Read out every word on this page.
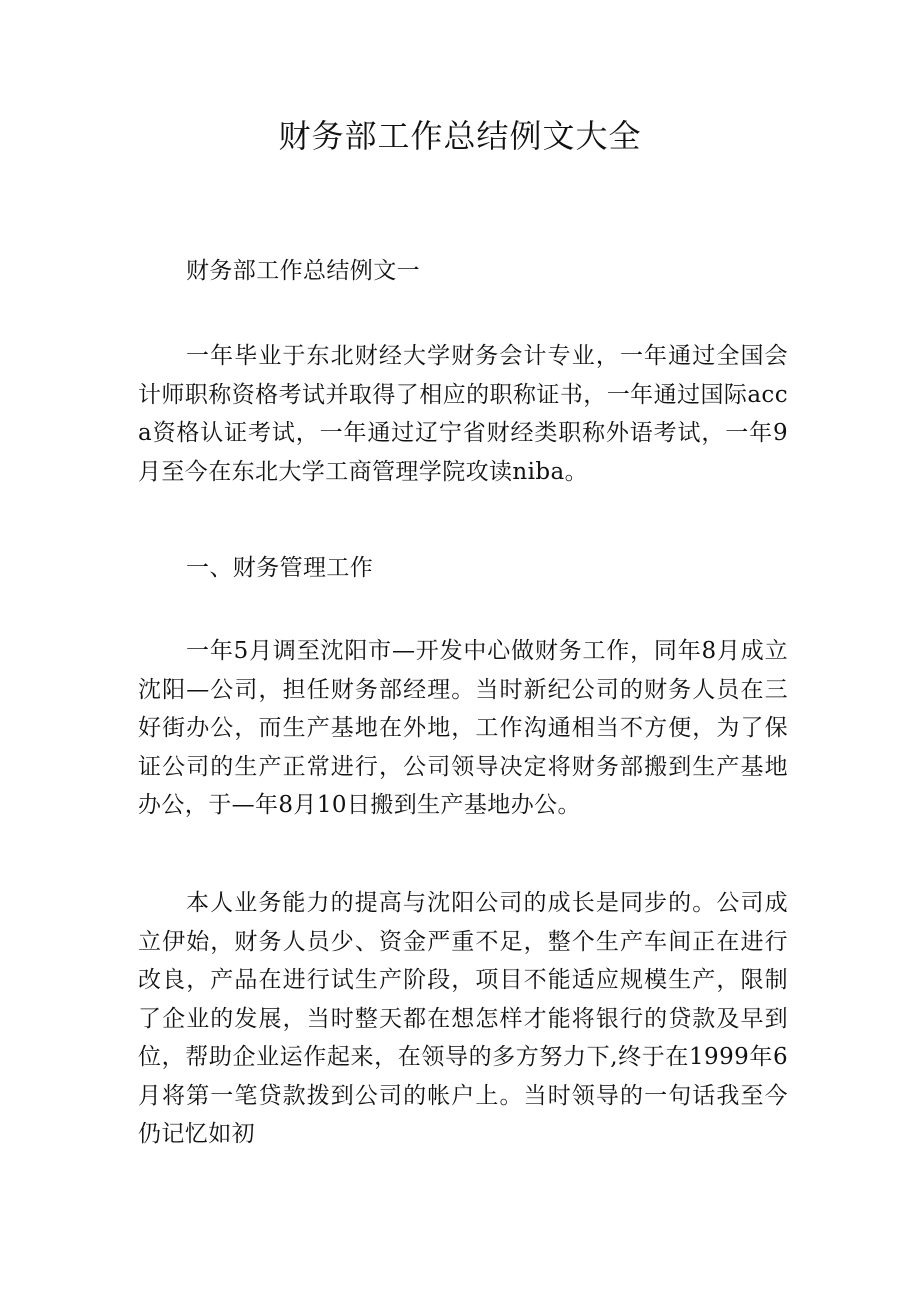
财务部工作总结例文大全

财务部工作总结例文一

一年毕业于东北财经大学财务会计专业，一年通过全国会计师职称资格考试并取得了相应的职称证书，一年通过国际acca资格认证考试，一年通过辽宁省财经类职称外语考试，一年9月至今在东北大学工商管理学院攻读niba。

一、财务管理工作

一年5月调至沈阳市—开发中心做财务工作，同年8月成立沈阳—公司，担任财务部经理。当时新纪公司的财务人员在三好街办公，而生产基地在外地，工作沟通相当不方便，为了保证公司的生产正常进行，公司领导决定将财务部搬到生产基地办公，于—年8月10日搬到生产基地办公。

本人业务能力的提高与沈阳公司的成长是同步的。公司成立伊始，财务人员少、资金严重不足，整个生产车间正在进行改良，产品在进行试生产阶段，项目不能适应规模生产，限制了企业的发展，当时整天都在想怎样才能将银行的贷款及早到位，帮助企业运作起来，在领导的多方努力下,终于在1999年6月将第一笔贷款拨到公司的帐户上。当时领导的一句话我至今仍记忆如初
